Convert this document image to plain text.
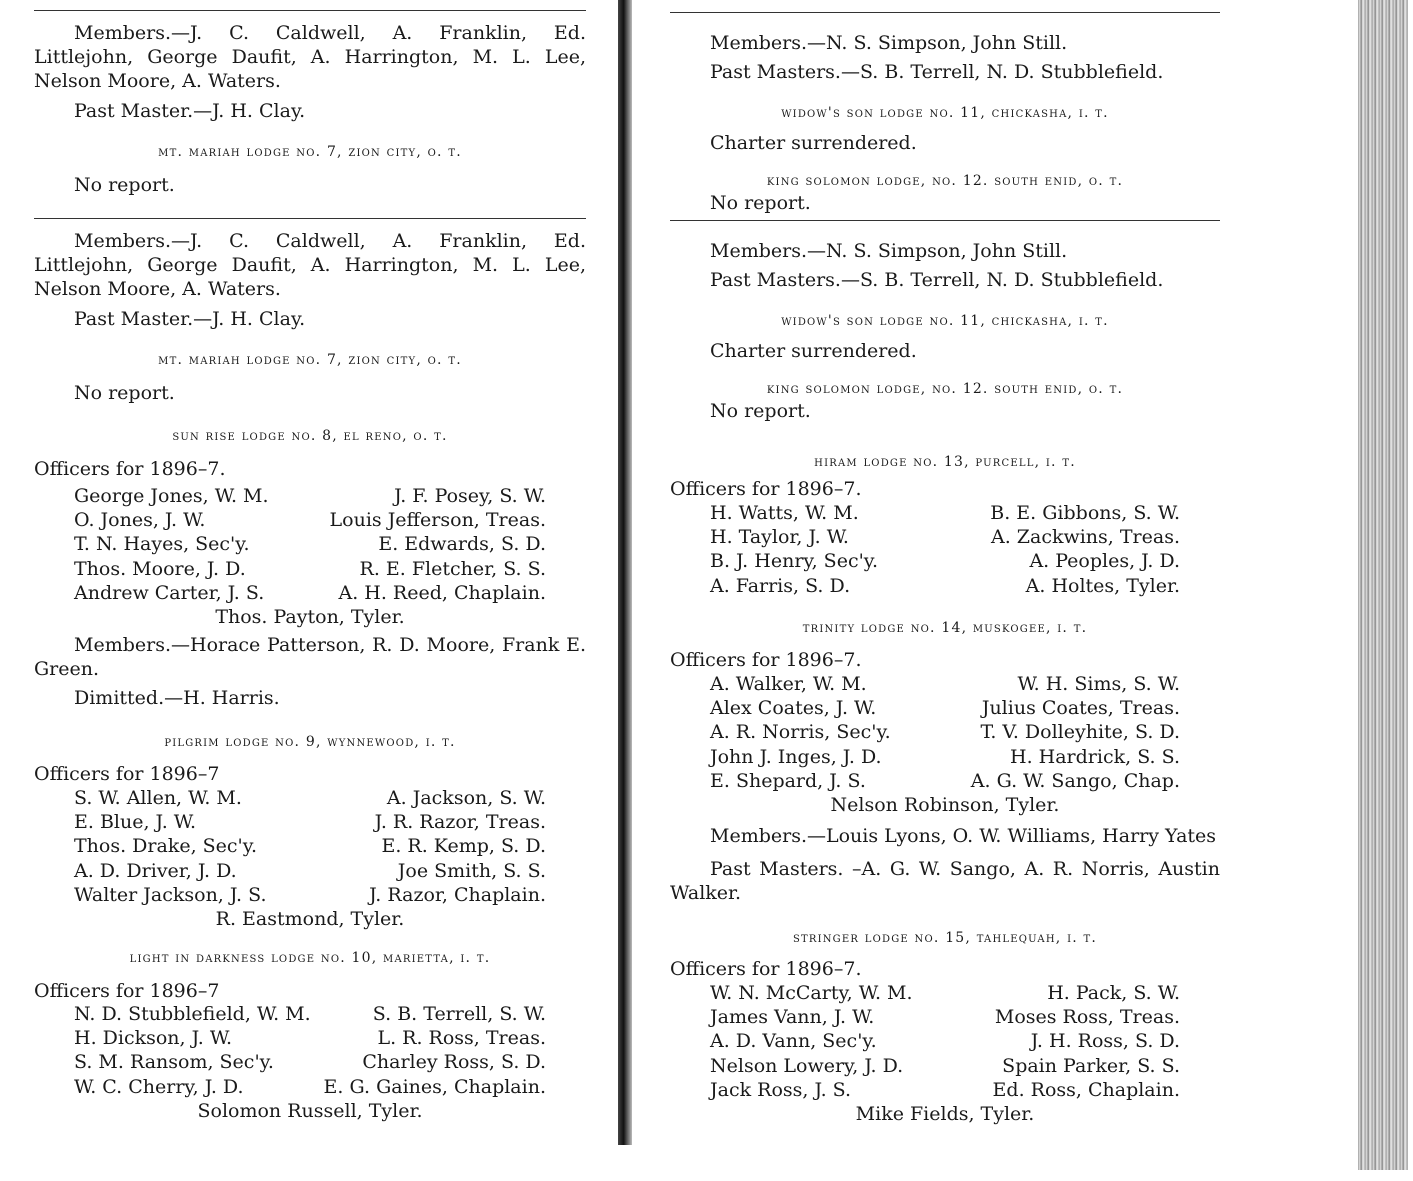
Members.—J. C. Caldwell, A. Franklin, Ed. Littlejohn, George Daufit, A. Harrington, M. L. Lee, Nelson Moore, A. Waters.
Past Master.—J. H. Clay.
mt. mariah lodge no. 7, zion city, o. t.
No report.
Members.—J. C. Caldwell, A. Franklin, Ed. Littlejohn, George Daufit, A. Harrington, M. L. Lee, Nelson Moore, A. Waters.
Past Master.—J. H. Clay.
mt. mariah lodge no. 7, zion city, o. t.
No report.
sun rise lodge no. 8, el reno, o. t.
Officers for 1896–7.
George Jones, W. M.	J. F. Posey, S. W.
O. Jones, J. W.	Louis Jefferson, Treas.
T. N. Hayes, Sec'y.	E. Edwards, S. D.
Thos. Moore, J. D.	R. E. Fletcher, S. S.
Andrew Carter, J. S.	A. H. Reed, Chaplain.
Thos. Payton, Tyler.
Members.—Horace Patterson, R. D. Moore, Frank E. Green.
Dimitted.—H. Harris.
pilgrim lodge no. 9, wynnewood, i. t.
Officers for 1896–7
S. W. Allen, W. M.	A. Jackson, S. W.
E. Blue, J. W.	J. R. Razor, Treas.
Thos. Drake, Sec'y.	E. R. Kemp, S. D.
A. D. Driver, J. D.	Joe Smith, S. S.
Walter Jackson, J. S.	J. Razor, Chaplain.
R. Eastmond, Tyler.
light in darkness lodge no. 10, marietta, i. t.
Officers for 1896–7
N. D. Stubblefield, W. M.	S. B. Terrell, S. W.
H. Dickson, J. W.	L. R. Ross, Treas.
S. M. Ransom, Sec'y.	Charley Ross, S. D.
W. C. Cherry, J. D.	E. G. Gaines, Chaplain.
Solomon Russell, Tyler.
Members.—N. S. Simpson, John Still.
Past Masters.—S. B. Terrell, N. D. Stubblefield.
widow's son lodge no. 11, chickasha, i. t.
Charter surrendered.
king solomon lodge, no. 12. south enid, o. t.
No report.
Members.—N. S. Simpson, John Still.
Past Masters.—S. B. Terrell, N. D. Stubblefield.
widow's son lodge no. 11, chickasha, i. t.
Charter surrendered.
king solomon lodge, no. 12. south enid, o. t.
No report.
hiram lodge no. 13, purcell, i. t.
Officers for 1896–7.
H. Watts, W. M.	B. E. Gibbons, S. W.
H. Taylor, J. W.	A. Zackwins, Treas.
B. J. Henry, Sec'y.	A. Peoples, J. D.
A. Farris, S. D.	A. Holtes, Tyler.
trinity lodge no. 14, muskogee, i. t.
Officers for 1896–7.
A. Walker, W. M.	W. H. Sims, S. W.
Alex Coates, J. W.	Julius Coates, Treas.
A. R. Norris, Sec'y.	T. V. Dolleyhite, S. D.
John J. Inges, J. D.	H. Hardrick, S. S.
E. Shepard, J. S.	A. G. W. Sango, Chap.
Nelson Robinson, Tyler.
Members.—Louis Lyons, O. W. Williams, Harry Yates
Past Masters. –A. G. W. Sango, A. R. Norris, Austin Walker.
stringer lodge no. 15, tahlequah, i. t.
Officers for 1896–7.
W. N. McCarty, W. M.	H. Pack, S. W.
James Vann, J. W.	Moses Ross, Treas.
A. D. Vann, Sec'y.	J. H. Ross, S. D.
Nelson Lowery, J. D.	Spain Parker, S. S.
Jack Ross, J. S.	Ed. Ross, Chaplain.
Mike Fields, Tyler.
